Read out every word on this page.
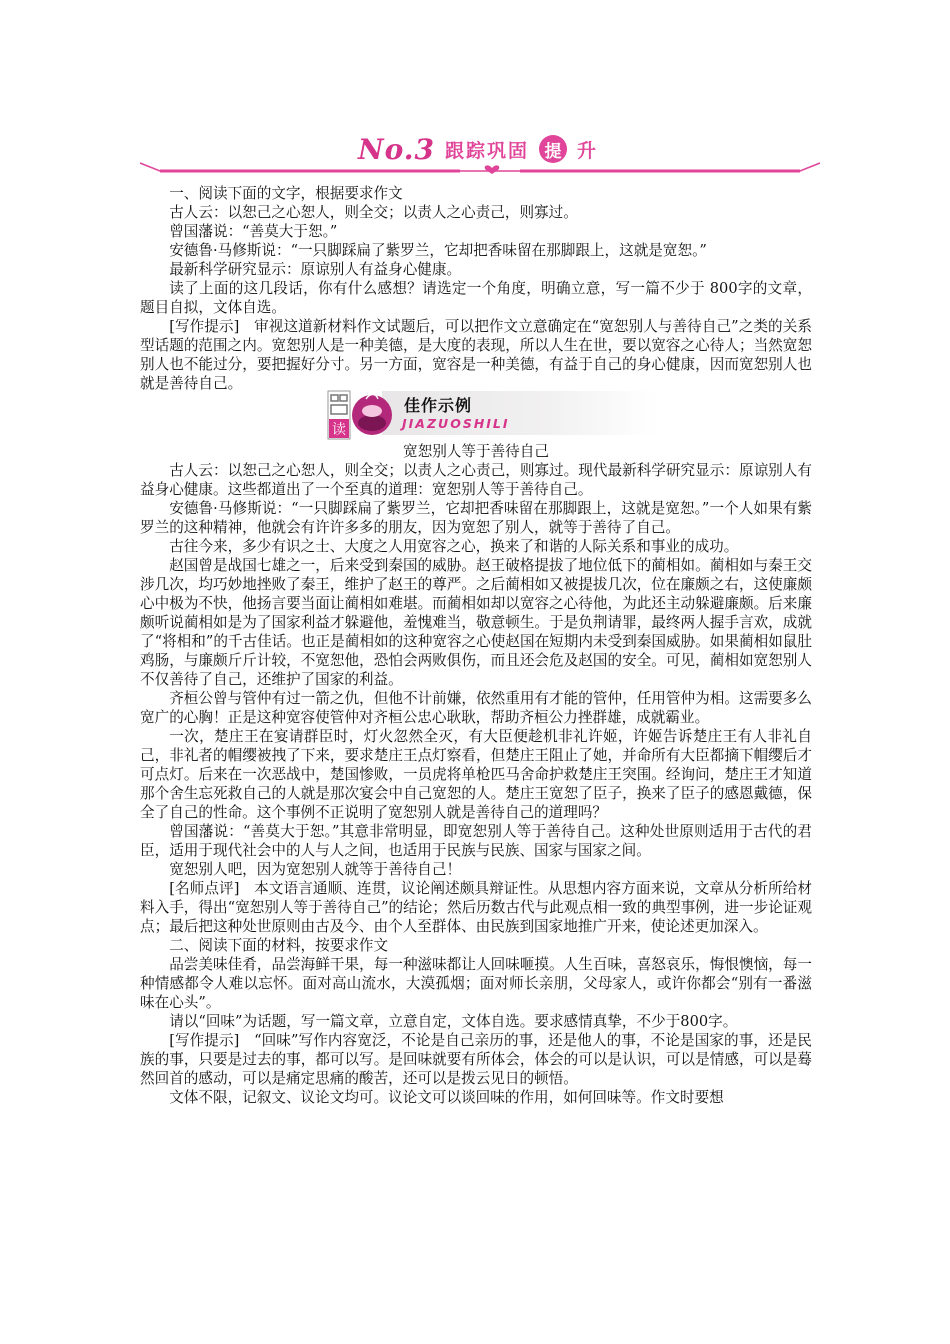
No.3 跟踪巩固 提 升

一、阅读下面的文字，根据要求作文

古人云：以恕己之心恕人，则全交；以责人之心责己，则寡过。

曾国藩说：“善莫大于恕。”

安德鲁·马修斯说：“一只脚踩扁了紫罗兰，它却把香味留在那脚跟上，这就是宽恕。”

最新科学研究显示：原谅别人有益身心健康。

读了上面的这几段话，你有什么感想？请选定一个角度，明确立意，写一篇不少于 800字的文章，题目自拟，文体自选。

[写作提示]　审视这道新材料作文试题后，可以把作文立意确定在“宽恕别人与善待自己”之类的关系型话题的范围之内。宽恕别人是一种美德，是大度的表现，所以人生在世，要以宽容之心待人；当然宽恕别人也不能过分，要把握好分寸。另一方面，宽容是一种美德，有益于自己的身心健康，因而宽恕别人也就是善待自己。

读
佳作示例
JIAZUOSHILI

宽恕别人等于善待自己

古人云：以恕己之心恕人，则全交；以责人之心责己，则寡过。现代最新科学研究显示：原谅别人有益身心健康。这些都道出了一个至真的道理：宽恕别人等于善待自己。

安德鲁·马修斯说：“一只脚踩扁了紫罗兰，它却把香味留在那脚跟上，这就是宽恕。”一个人如果有紫罗兰的这种精神，他就会有许许多多的朋友，因为宽恕了别人，就等于善待了自己。

古往今来，多少有识之士、大度之人用宽容之心，换来了和谐的人际关系和事业的成功。

赵国曾是战国七雄之一，后来受到秦国的威胁。赵王破格提拔了地位低下的蔺相如。蔺相如与秦王交涉几次，均巧妙地挫败了秦王，维护了赵王的尊严。之后蔺相如又被提拔几次，位在廉颇之右，这使廉颇心中极为不快，他扬言要当面让蔺相如难堪。而蔺相如却以宽容之心待他，为此还主动躲避廉颇。后来廉颇听说蔺相如是为了国家利益才躲避他，羞愧难当，敬意顿生。于是负荆请罪，最终两人握手言欢，成就了“将相和”的千古佳话。也正是蔺相如的这种宽容之心使赵国在短期内未受到秦国威胁。如果蔺相如鼠肚鸡肠，与廉颇斤斤计较，不宽恕他，恐怕会两败俱伤，而且还会危及赵国的安全。可见，蔺相如宽恕别人不仅善待了自己，还维护了国家的利益。

齐桓公曾与管仲有过一箭之仇，但他不计前嫌，依然重用有才能的管仲，任用管仲为相。这需要多么宽广的心胸！正是这种宽容使管仲对齐桓公忠心耿耿，帮助齐桓公力挫群雄，成就霸业。

一次，楚庄王在宴请群臣时，灯火忽然全灭，有大臣便趁机非礼许姬，许姬告诉楚庄王有人非礼自己，非礼者的帽缨被拽了下来，要求楚庄王点灯察看，但楚庄王阻止了她，并命所有大臣都摘下帽缨后才可点灯。后来在一次恶战中，楚国惨败，一员虎将单枪匹马舍命护救楚庄王突围。经询问，楚庄王才知道那个舍生忘死救自己的人就是那次宴会中自己宽恕的人。楚庄王宽恕了臣子，换来了臣子的感恩戴德，保全了自己的性命。这个事例不正说明了宽恕别人就是善待自己的道理吗？

曾国藩说：“善莫大于恕。”其意非常明显，即宽恕别人等于善待自己。这种处世原则适用于古代的君臣，适用于现代社会中的人与人之间，也适用于民族与民族、国家与国家之间。

宽恕别人吧，因为宽恕别人就等于善待自己！

[名师点评]　本文语言通顺、连贯，议论阐述颇具辩证性。从思想内容方面来说，文章从分析所给材料入手，得出“宽恕别人等于善待自己”的结论；然后历数古代与此观点相一致的典型事例，进一步论证观点；最后把这种处世原则由古及今、由个人至群体、由民族到国家地推广开来，使论述更加深入。

二、阅读下面的材料，按要求作文

品尝美味佳肴，品尝海鲜干果，每一种滋味都让人回味咂摸。人生百味，喜怒哀乐，悔恨懊恼，每一种情感都令人难以忘怀。面对高山流水，大漠孤烟；面对师长亲朋，父母家人，或许你都会“别有一番滋味在心头”。

请以“回味”为话题，写一篇文章，立意自定，文体自选。要求感情真挚，不少于800字。

[写作提示]　“回味”写作内容宽泛，不论是自己亲历的事，还是他人的事，不论是国家的事，还是民族的事，只要是过去的事，都可以写。是回味就要有所体会，体会的可以是认识，可以是情感，可以是蓦然回首的感动，可以是痛定思痛的酸苦，还可以是拨云见日的顿悟。

文体不限，记叙文、议论文均可。议论文可以谈回味的作用，如何回味等。作文时要想
